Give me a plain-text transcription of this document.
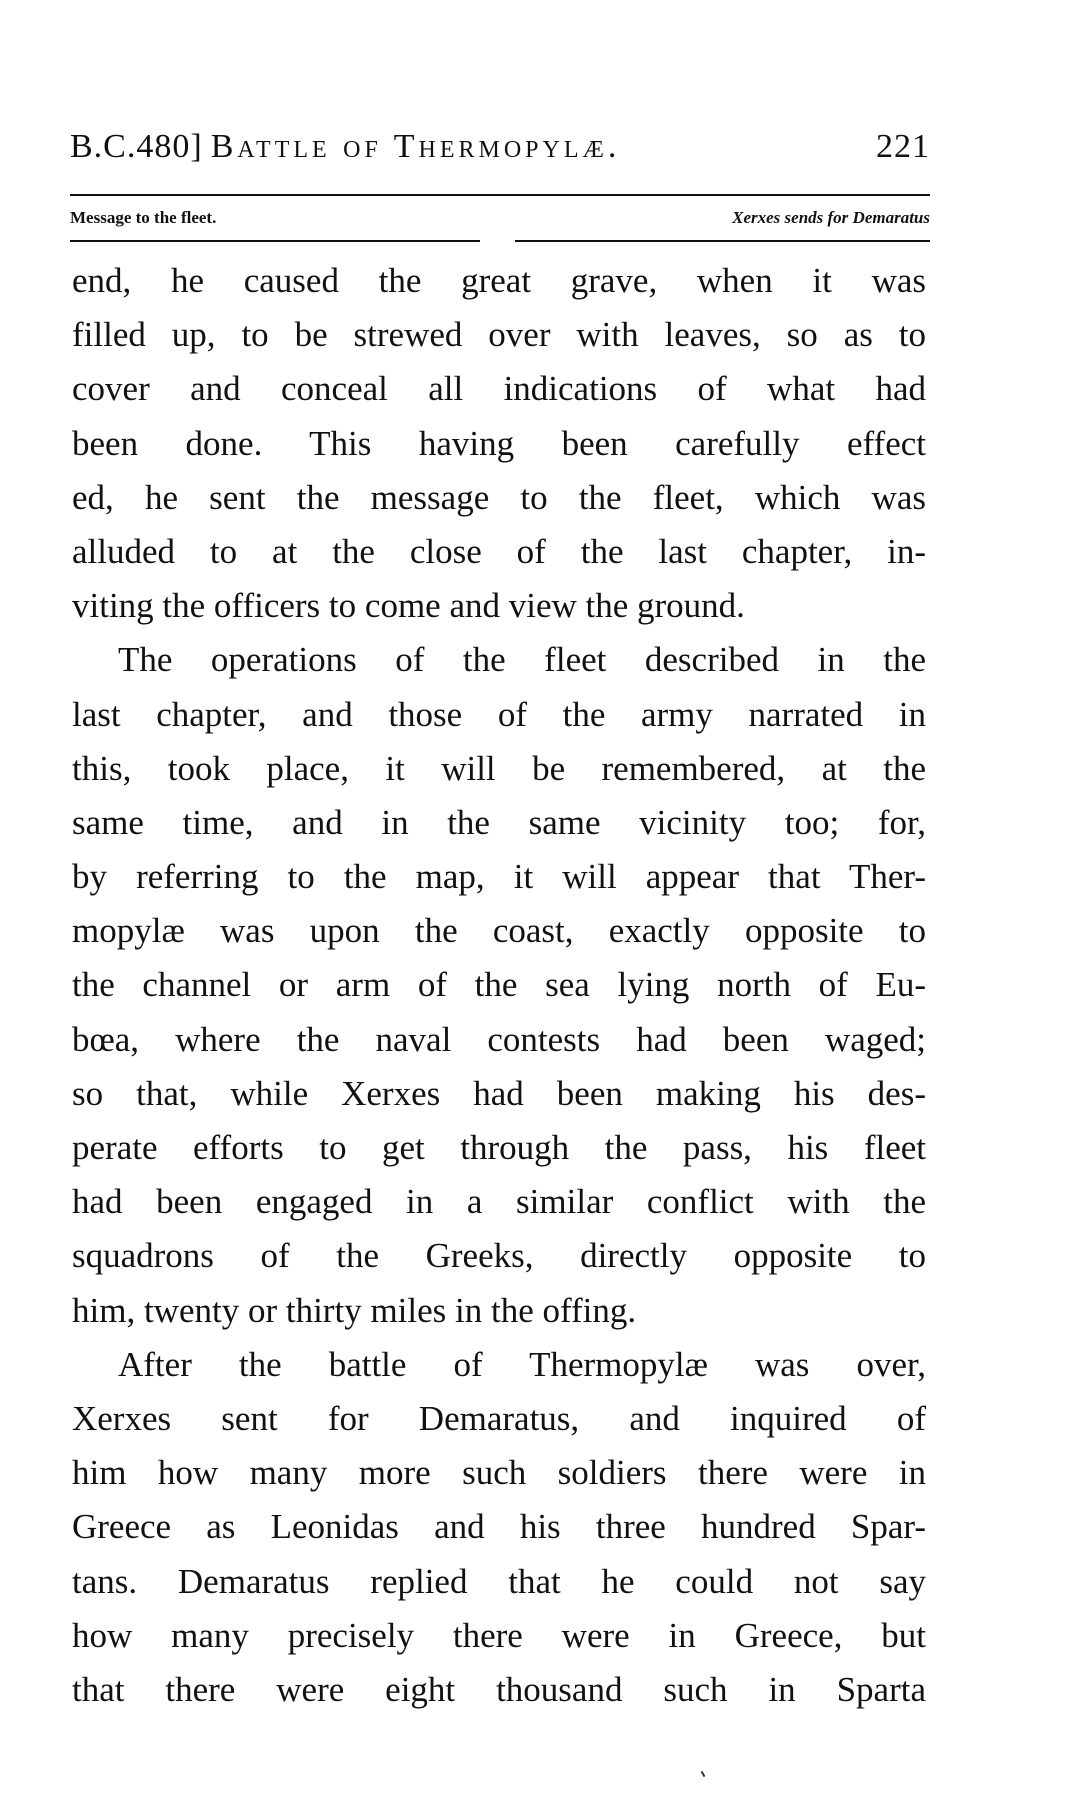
B.C.480] Battle of Thermopylæ.	221
Message to the fleet.	Xerxes sends for Demaratus
end, he caused the great grave, when it was
filled up, to be strewed over with leaves, so as to
cover and conceal all indications of what had
been done. This having been carefully effect
ed, he sent the message to the fleet, which was
alluded to at the close of the last chapter, in-
viting the officers to come and view the ground.
The operations of the fleet described in the
last chapter, and those of the army narrated in
this, took place, it will be remembered, at the
same time, and in the same vicinity too; for,
by referring to the map, it will appear that Ther-
mopylæ was upon the coast, exactly opposite to
the channel or arm of the sea lying north of Eu-
bœa, where the naval contests had been waged;
so that, while Xerxes had been making his des-
perate efforts to get through the pass, his fleet
had been engaged in a similar conflict with the
squadrons of the Greeks, directly opposite to
him, twenty or thirty miles in the offing.
After the battle of Thermopylæ was over,
Xerxes sent for Demaratus, and inquired of
him how many more such soldiers there were in
Greece as Leonidas and his three hundred Spar-
tans. Demaratus replied that he could not say
how many precisely there were in Greece, but
that there were eight thousand such in Sparta
